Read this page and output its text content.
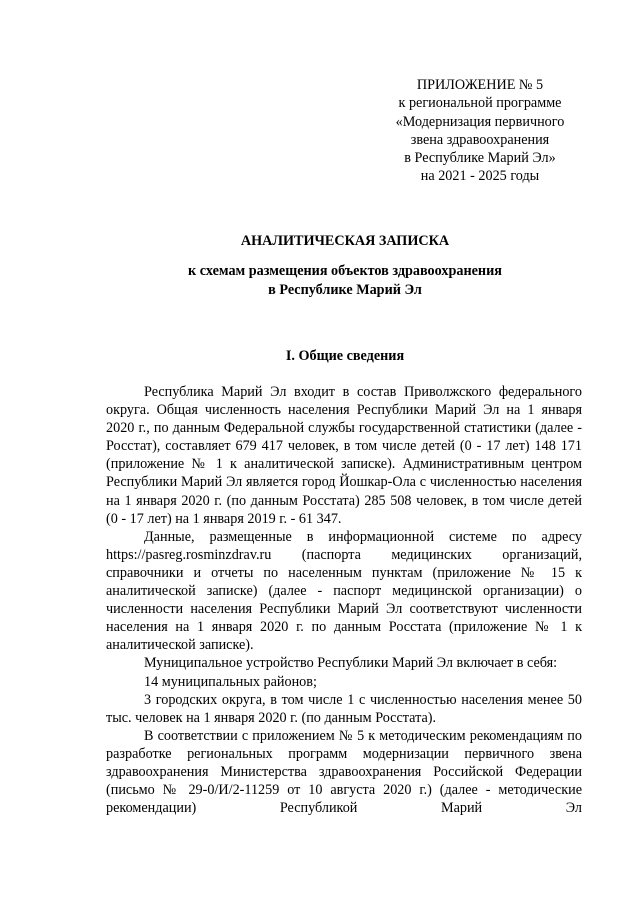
ПРИЛОЖЕНИЕ № 5
к региональной программе
«Модернизация первичного
звена здравоохранения
в Республике Марий Эл»
на 2021 - 2025 годы
АНАЛИТИЧЕСКАЯ ЗАПИСКА
к схемам размещения объектов здравоохранения
в Республике Марий Эл
I. Общие сведения

Республика Марий Эл входит в состав Приволжского федерального округа. Общая численность населения Республики Марий Эл на 1 января 2020 г., по данным Федеральной службы государственной статистики (далее - Росстат), составляет 679 417 человек, в том числе детей (0 - 17 лет) 148 171 (приложение № 1 к аналитической записке). Административным центром Республики Марий Эл является город Йошкар-Ола с численностью населения на 1 января 2020 г. (по данным Росстата) 285 508 человек, в том числе детей (0 - 17 лет) на 1 января 2019 г. - 61 347.

Данные, размещенные в информационной системе по адресу https://pasreg.rosminzdrav.ru (паспорта медицинских организаций, справочники и отчеты по населенным пунктам (приложение № 15 к аналитической записке) (далее - паспорт медицинской организации) о численности населения Республики Марий Эл соответствуют численности населения на 1 января 2020 г. по данным Росстата (приложение № 1 к аналитической записке).

Муниципальное устройство Республики Марий Эл включает в себя:

14 муниципальных районов;

3 городских округа, в том числе 1 с численностью населения менее 50 тыс. человек на 1 января 2020 г. (по данным Росстата).

В соответствии с приложением № 5 к методическим рекомендациям по разработке региональных программ модернизации первичного звена здравоохранения Министерства здравоохранения Российской Федерации (письмо № 29-0/И/2-11259 от 10 августа 2020 г.) (далее - методические рекомендации) Республикой Марий Эл
